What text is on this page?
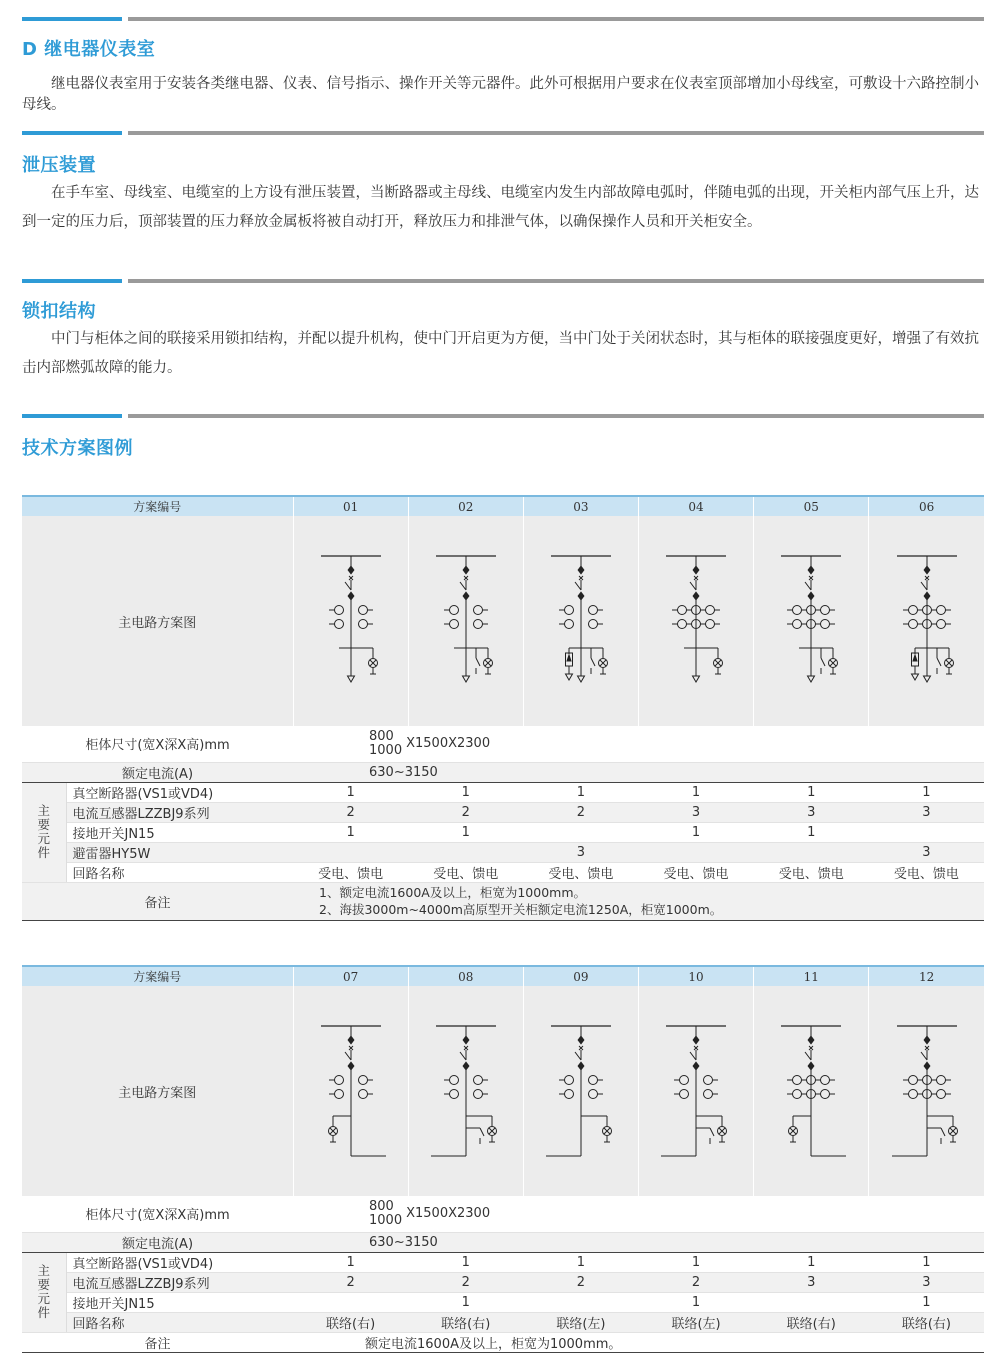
D 继电器仪表室
继电器仪表室用于安装各类继电器、仪表、信号指示、操作开关等元器件。此外可根据用户要求在仪表室顶部增加小母线室，可敷设十六路控制小母线。
泄压装置
在手车室、母线室、电缆室的上方设有泄压装置，当断路器或主母线、电缆室内发生内部故障电弧时，伴随电弧的出现，开关柜内部气压上升，达到一定的压力后，顶部装置的压力释放金属板将被自动打开，释放压力和排泄气体，以确保操作人员和开关柜安全。
锁扣结构
中门与柜体之间的联接采用锁扣结构，并配以提升机构，使中门开启更为方便，当中门处于关闭状态时，其与柜体的联接强度更好，增强了有效抗击内部燃弧故障的能力。
技术方案图例
方案编号		01	02	03	04	05	06
主电路方案图	

柜体尺寸(宽X深X高)mm		800
1000 X1500X2300					
额定电流(A)		630~3150					
主
要
元
件	真空断路器(VS1或VD4)	1	1	1	1	1	1
	电流互感器LZZBJ9系列	2	2	2	3	3	3
	接地开关JN15	1	1		1	1	
	避雷器HY5W			3			3
	回路名称	受电、馈电	受电、馈电	受电、馈电	受电、馈电	受电、馈电	受电、馈电
备注		1、额定电流1600A及以上，柜宽为1000mm。
2、海拔3000m~4000m高原型开关柜额定电流1250A，柜宽1000m。					
方案编号		07	08	09	10	11	12
主电路方案图	

柜体尺寸(宽X深X高)mm		800
1000 X1500X2300					
额定电流(A)		630~3150					
主
要
元
件	真空断路器(VS1或VD4)	1	1	1	1	1	1
	电流互感器LZZBJ9系列	2	2	2	2	3	3
	接地开关JN15		1		1		1
	回路名称	联络(右)	联络(右)	联络(左)	联络(左)	联络(右)	联络(右)
备注		额定电流1600A及以上，柜宽为1000mm。					
